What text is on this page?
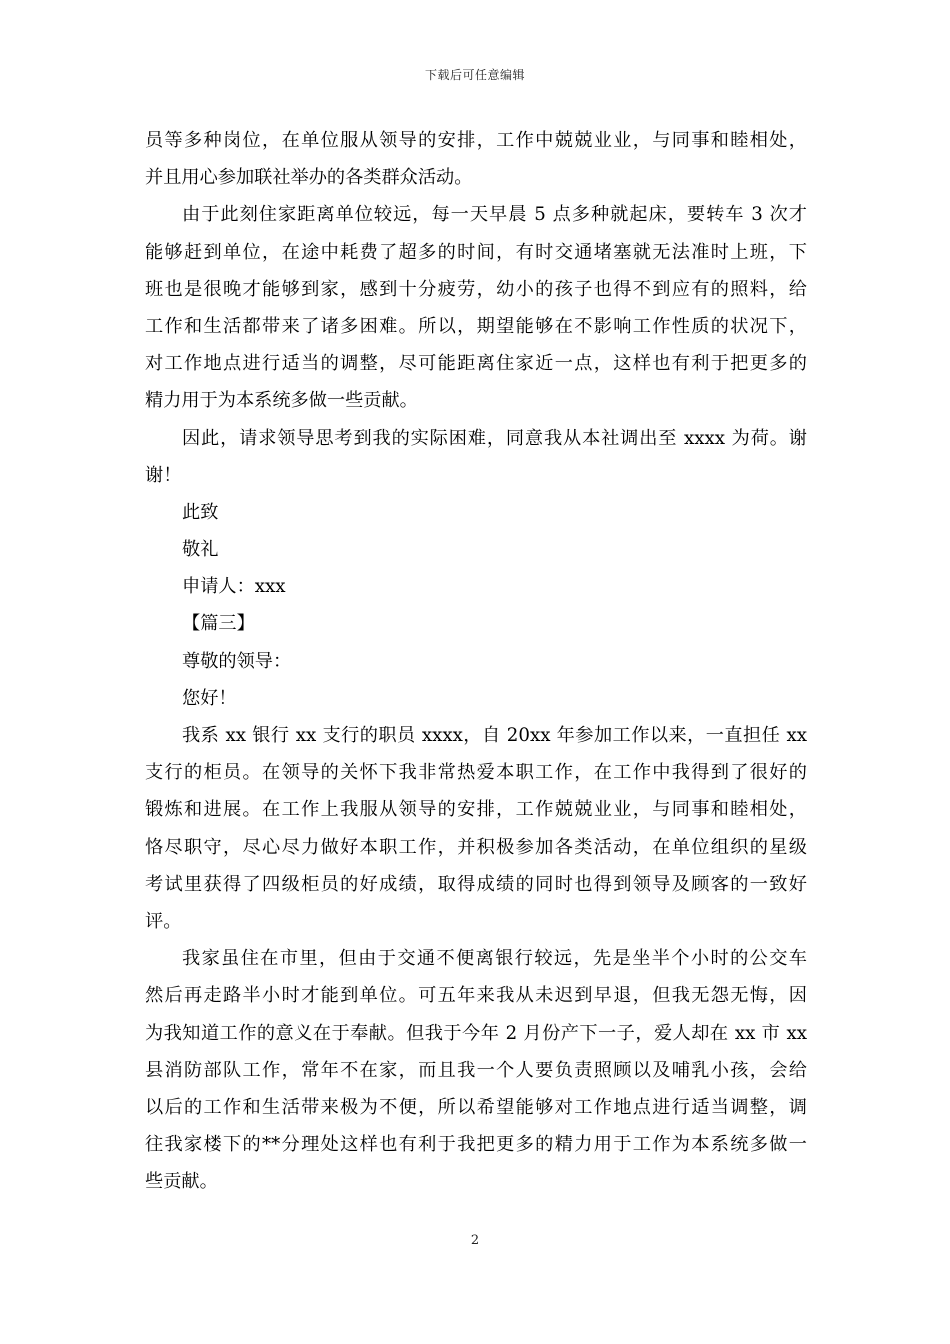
下载后可任意编辑
员等多种岗位，在单位服从领导的安排，工作中兢兢业业，与同事和睦相处，
并且用心参加联社举办的各类群众活动。
由于此刻住家距离单位较远，每一天早晨 5 点多种就起床，要转车 3 次才
能够赶到单位，在途中耗费了超多的时间，有时交通堵塞就无法准时上班，下
班也是很晚才能够到家，感到十分疲劳，幼小的孩子也得不到应有的照料，给
工作和生活都带来了诸多困难。所以，期望能够在不影响工作性质的状况下，
对工作地点进行适当的调整，尽可能距离住家近一点，这样也有利于把更多的
精力用于为本系统多做一些贡献。
因此，请求领导思考到我的实际困难，同意我从本社调出至 xxxx 为荷。谢
谢！
此致
敬礼
申请人：xxx
【篇三】
尊敬的领导：
您好！
我系 xx 银行 xx 支行的职员 xxxx，自 20xx 年参加工作以来，一直担任 xx
支行的柜员。在领导的关怀下我非常热爱本职工作，在工作中我得到了很好的
锻炼和进展。在工作上我服从领导的安排，工作兢兢业业，与同事和睦相处，
恪尽职守，尽心尽力做好本职工作，并积极参加各类活动，在单位组织的星级
考试里获得了四级柜员的好成绩，取得成绩的同时也得到领导及顾客的一致好
评。
我家虽住在市里，但由于交通不便离银行较远，先是坐半个小时的公交车
然后再走路半小时才能到单位。可五年来我从未迟到早退，但我无怨无悔，因
为我知道工作的意义在于奉献。但我于今年 2 月份产下一子，爱人却在 xx 市 xx
县消防部队工作，常年不在家，而且我一个人要负责照顾以及哺乳小孩，会给
以后的工作和生活带来极为不便，所以希望能够对工作地点进行适当调整，调
往我家楼下的**分理处这样也有利于我把更多的精力用于工作为本系统多做一
些贡献。
2
